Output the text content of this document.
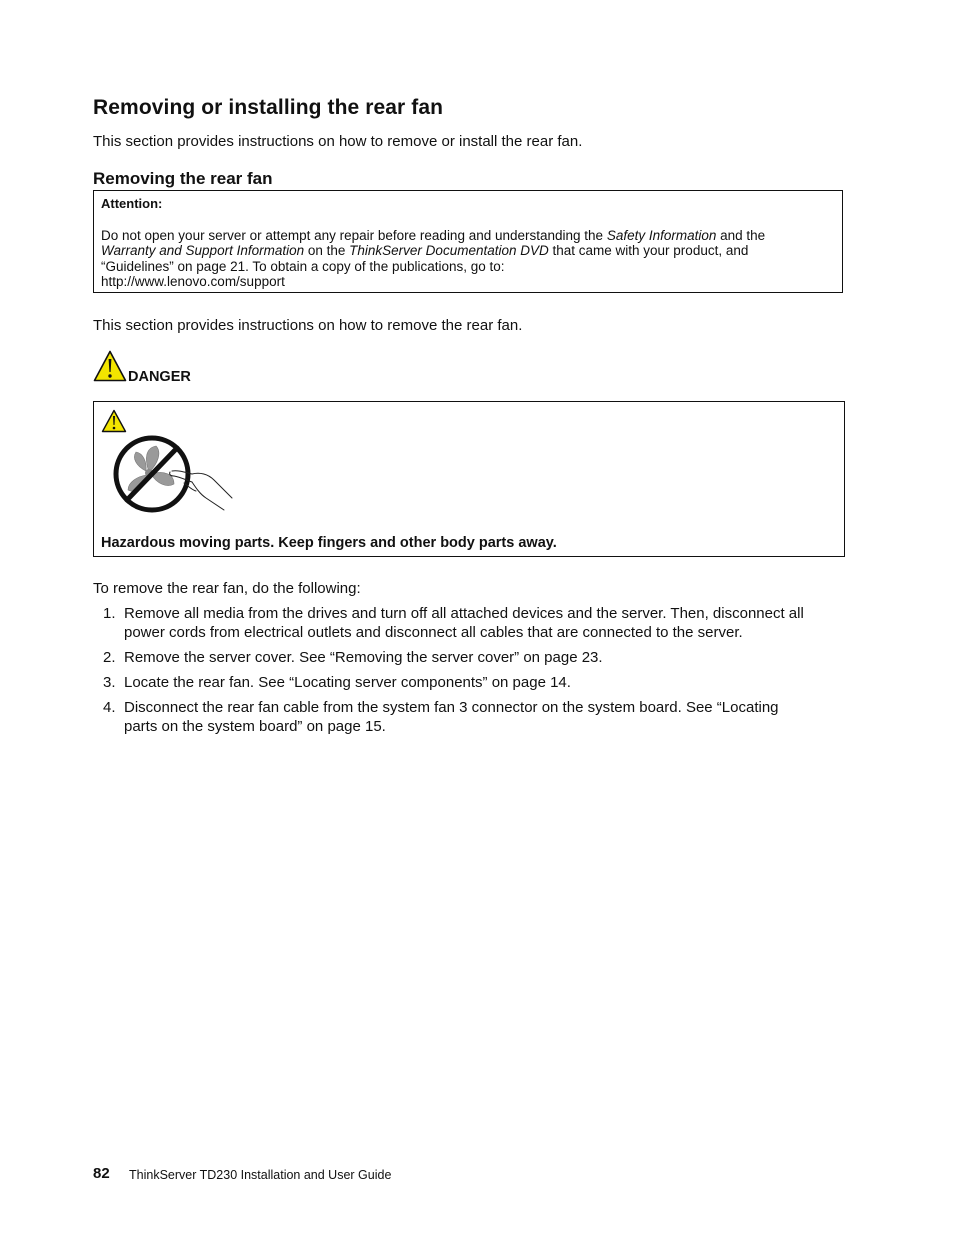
Removing or installing the rear fan

This section provides instructions on how to remove or install the rear fan.

Removing the rear fan
Attention:
Do not open your server or attempt any repair before reading and understanding the Safety Information and the
Warranty and Support Information on the ThinkServer Documentation DVD that came with your product, and
“Guidelines” on page 21. To obtain a copy of the publications, go to:
http://www.lenovo.com/support

This section provides instructions on how to remove the rear fan.

DANGER
Hazardous moving parts. Keep fingers and other body parts away.

To remove the rear fan, do the following:

1. Remove all media from the drives and turn off all attached devices and the server. Then, disconnect all
power cords from electrical outlets and disconnect all cables that are connected to the server.
2. Remove the server cover. See “Removing the server cover” on page 23.
3. Locate the rear fan. See “Locating server components” on page 14.
4. Disconnect the rear fan cable from the system fan 3 connector on the system board. See “Locating
parts on the system board” on page 15.
82 ThinkServer TD230 Installation and User Guide
